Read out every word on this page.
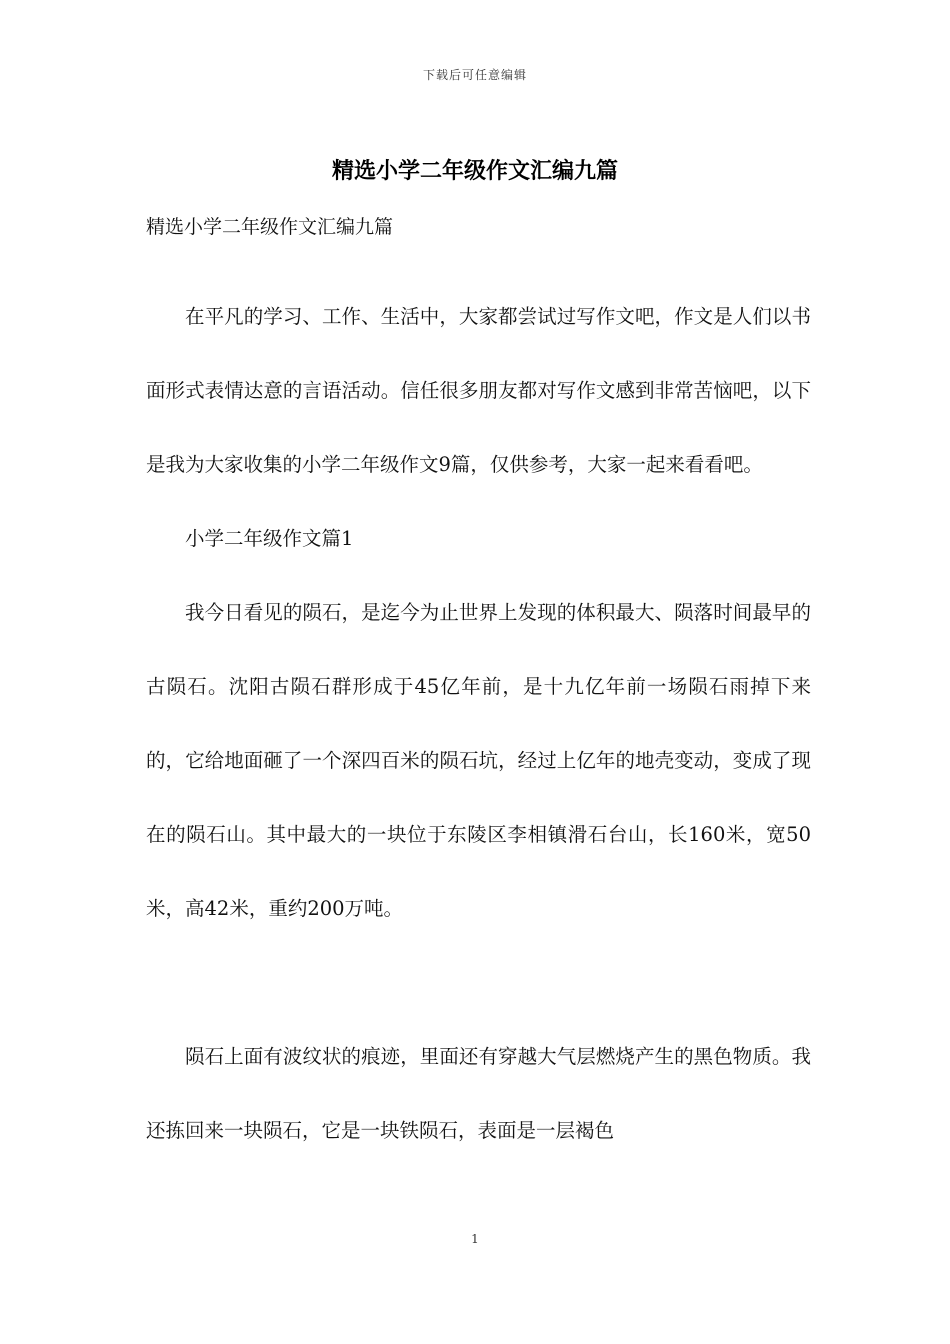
下载后可任意编辑
精选小学二年级作文汇编九篇
精选小学二年级作文汇编九篇

在平凡的学习、工作、生活中，大家都尝试过写作文吧，作文是人们以书面形式表情达意的言语活动。信任很多朋友都对写作文感到非常苦恼吧，以下是我为大家收集的小学二年级作文9篇，仅供参考，大家一起来看看吧。

小学二年级作文篇1

我今日看见的陨石，是迄今为止世界上发现的体积最大、陨落时间最早的古陨石。沈阳古陨石群形成于45亿年前，是十九亿年前一场陨石雨掉下来的，它给地面砸了一个深四百米的陨石坑，经过上亿年的地壳变动，变成了现在的陨石山。其中最大的一块位于东陵区李相镇滑石台山，长160米，宽50米，高42米，重约200万吨。

陨石上面有波纹状的痕迹，里面还有穿越大气层燃烧产生的黑色物质。我还拣回来一块陨石，它是一块铁陨石，表面是一层褐色

1
